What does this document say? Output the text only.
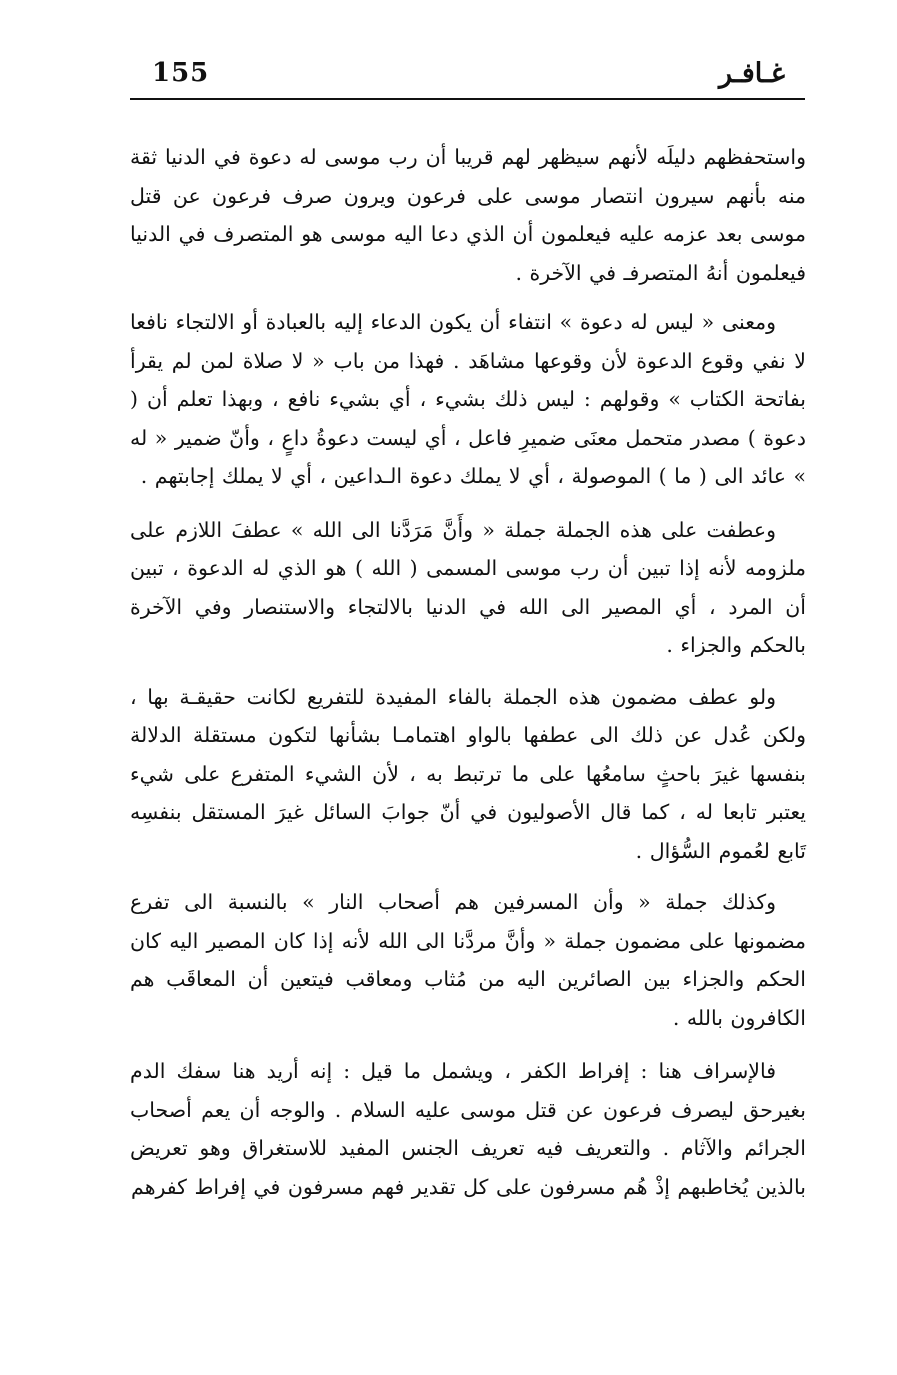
155	غـافـر

واستحفظهم دليلَه لأنهم سيظهر لهم قريبا أن رب موسى له دعوة في الدنيا ثقة منه بأنهم سيرون انتصار موسى على فرعون ويرون صرف فرعون عن قتل موسى بعد عزمه عليه فيعلمون أن الذي دعا اليه موسى هو المتصرف في الدنيا فيعلمون أنهُ المتصرفـ في الآخرة .

ومعنى « ليس له دعوة » انتفاء أن يكون الدعاء إليه بالعبادة أو الالتجاء نافعا لا نفي وقوع الدعوة لأن وقوعها مشاهَد . فهذا من باب « لا صلاة لمن لم يقرأ بفاتحة الكتاب » وقولهم : ليس ذلك بشيء ، أي بشيء نافع ، وبهذا تعلم أن ( دعوة ) مصدر متحمل معنَى ضميرِ فاعل ، أي ليست دعوةُ داعٍ ، وأنّ ضمير « له » عائد الى ( ما ) الموصولة ، أي لا يملك دعوة الـداعين ، أي لا يملك إجابتهم .

وعطفت على هذه الجملة جملة « وأَنَّ مَرَدَّنا الى الله » عطفَ اللازم على ملزومه لأنه إذا تبين أن رب موسى المسمى ( الله ) هو الذي له الدعوة ، تبين أن المرد ، أي المصير الى الله في الدنيا بالالتجاء والاستنصار وفي الآخرة بالحكم والجزاء .

ولو عطف مضمون هذه الجملة بالفاء المفيدة للتفريع لكانت حقيقـة بها ، ولكن عُدل عن ذلك الى عطفها بالواو اهتمامـا بشأنها لتكون مستقلة الدلالة بنفسها غيرَ باحثٍ سامعُها على ما ترتبط به ، لأن الشيء المتفرع على شيء يعتبر تابعا له ، كما قال الأصوليون في أنّ جوابَ السائل غيرَ المستقل بنفسِه تَابع لعُموم السُّؤال .

وكذلك جملة « وأن المسرفين هم أصحاب النار » بالنسبة الى تفرع مضمونها على مضمون جملة « وأنَّ مردَّنا الى الله لأنه إذا كان المصير اليه كان الحكم والجزاء بين الصائرين اليه من مُثاب ومعاقب فيتعين أن المعاقَب هم الكافرون بالله .

فالإسراف هنا : إفراط الكفر ، ويشمل ما قيل : إنه أريد هنا سفك الدم بغيرحق ليصرف فرعون عن قتل موسى عليه السلام . والوجه أن يعم أصحاب الجرائم والآثام . والتعريف فيه تعريف الجنس المفيد للاستغراق وهو تعريض بالذين يُخاطبهم إذْ هُم مسرفون على كل تقدير فهم مسرفون في إفراط كفرهم
